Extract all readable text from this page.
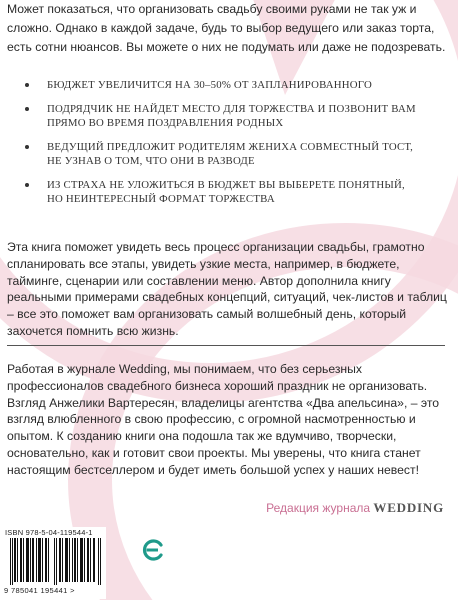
Может показаться, что организовать свадьбу своими руками не так уж и сложно. Однако в каждой задаче, будь то выбор ведущего или заказ торта, есть сотни нюансов. Вы можете о них не подумать или даже не подозревать.

БЮДЖЕТ УВЕЛИЧИТСЯ НА 30–50% ОТ ЗАПЛАНИРОВАННОГО
ПОДРЯДЧИК НЕ НАЙДЕТ МЕСТО ДЛЯ ТОРЖЕСТВА И ПОЗВОНИТ ВАМ ПРЯМО ВО ВРЕМЯ ПОЗДРАВЛЕНИЯ РОДНЫХ
ВЕДУЩИЙ ПРЕДЛОЖИТ РОДИТЕЛЯМ ЖЕНИХА СОВМЕСТНЫЙ ТОСТ, НЕ УЗНАВ О ТОМ, ЧТО ОНИ В РАЗВОДЕ
ИЗ СТРАХА НЕ УЛОЖИТЬСЯ В БЮДЖЕТ ВЫ ВЫБЕРЕТЕ ПОНЯТНЫЙ, НО НЕИНТЕРЕСНЫЙ ФОРМАТ ТОРЖЕСТВА

Эта книга поможет увидеть весь процесс организации свадьбы, грамотно спланировать все этапы, увидеть узкие места, например, в бюджете, тайминге, сценарии или составлении меню. Автор дополнила книгу реальными примерами свадебных концепций, ситуаций, чек-листов и таблиц – все это поможет вам организовать самый волшебный день, который захочется помнить всю жизнь.

Работая в журнале Wedding, мы понимаем, что без серьезных профессионалов свадебного бизнеса хороший праздник не организовать. Взгляд Анжелики Вартересян, владелицы агентства «Два апельсина», – это взгляд влюбленного в свою профессию, с огромной насмотренностью и опытом. К созданию книги она подошла так же вдумчиво, творчески, основательно, как и готовит свои проекты. Мы уверены, что книга станет настоящим бестселлером и будет иметь большой успех у наших невест!

Редакция журнала WEDDING
ISBN 978-5-04-119544-1
9 785041 195441 >
